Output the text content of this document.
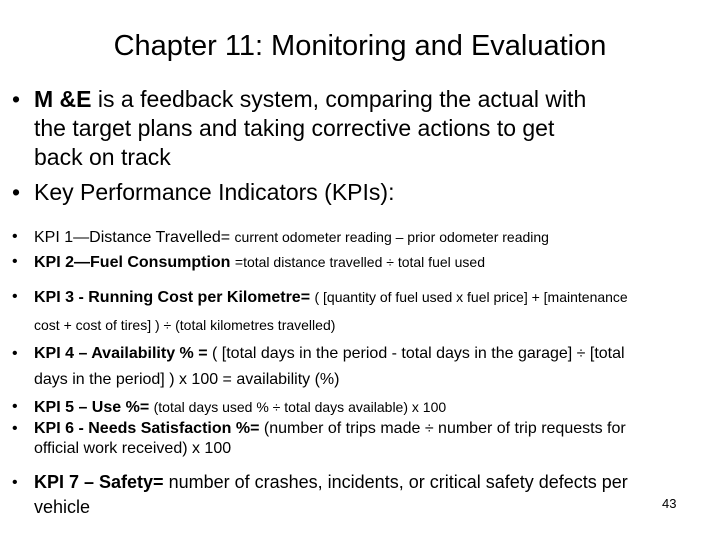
Chapter 11: Monitoring and Evaluation
• M &E is a feedback system, comparing the actual with
the target plans and taking corrective actions to get
back on track
• Key Performance Indicators (KPIs):
• KPI 1—Distance Travelled= current odometer reading – prior odometer reading
• KPI 2—Fuel Consumption =total distance travelled ÷ total fuel used
• KPI 3 - Running Cost per Kilometre= ( [quantity of fuel used x fuel price] + [maintenance
cost + cost of tires] ) ÷ (total kilometres travelled)
• KPI 4 – Availability % = ( [total days in the period - total days in the garage] ÷ [total
days in the period] ) x 100 = availability (%)
• KPI 5 – Use %= (total days used % ÷ total days available) x 100
• KPI 6 - Needs Satisfaction %= (number of trips made ÷ number of trip requests for
official work received) x 100
• KPI 7 – Safety= number of crashes, incidents, or critical safety defects per
vehicle	43
